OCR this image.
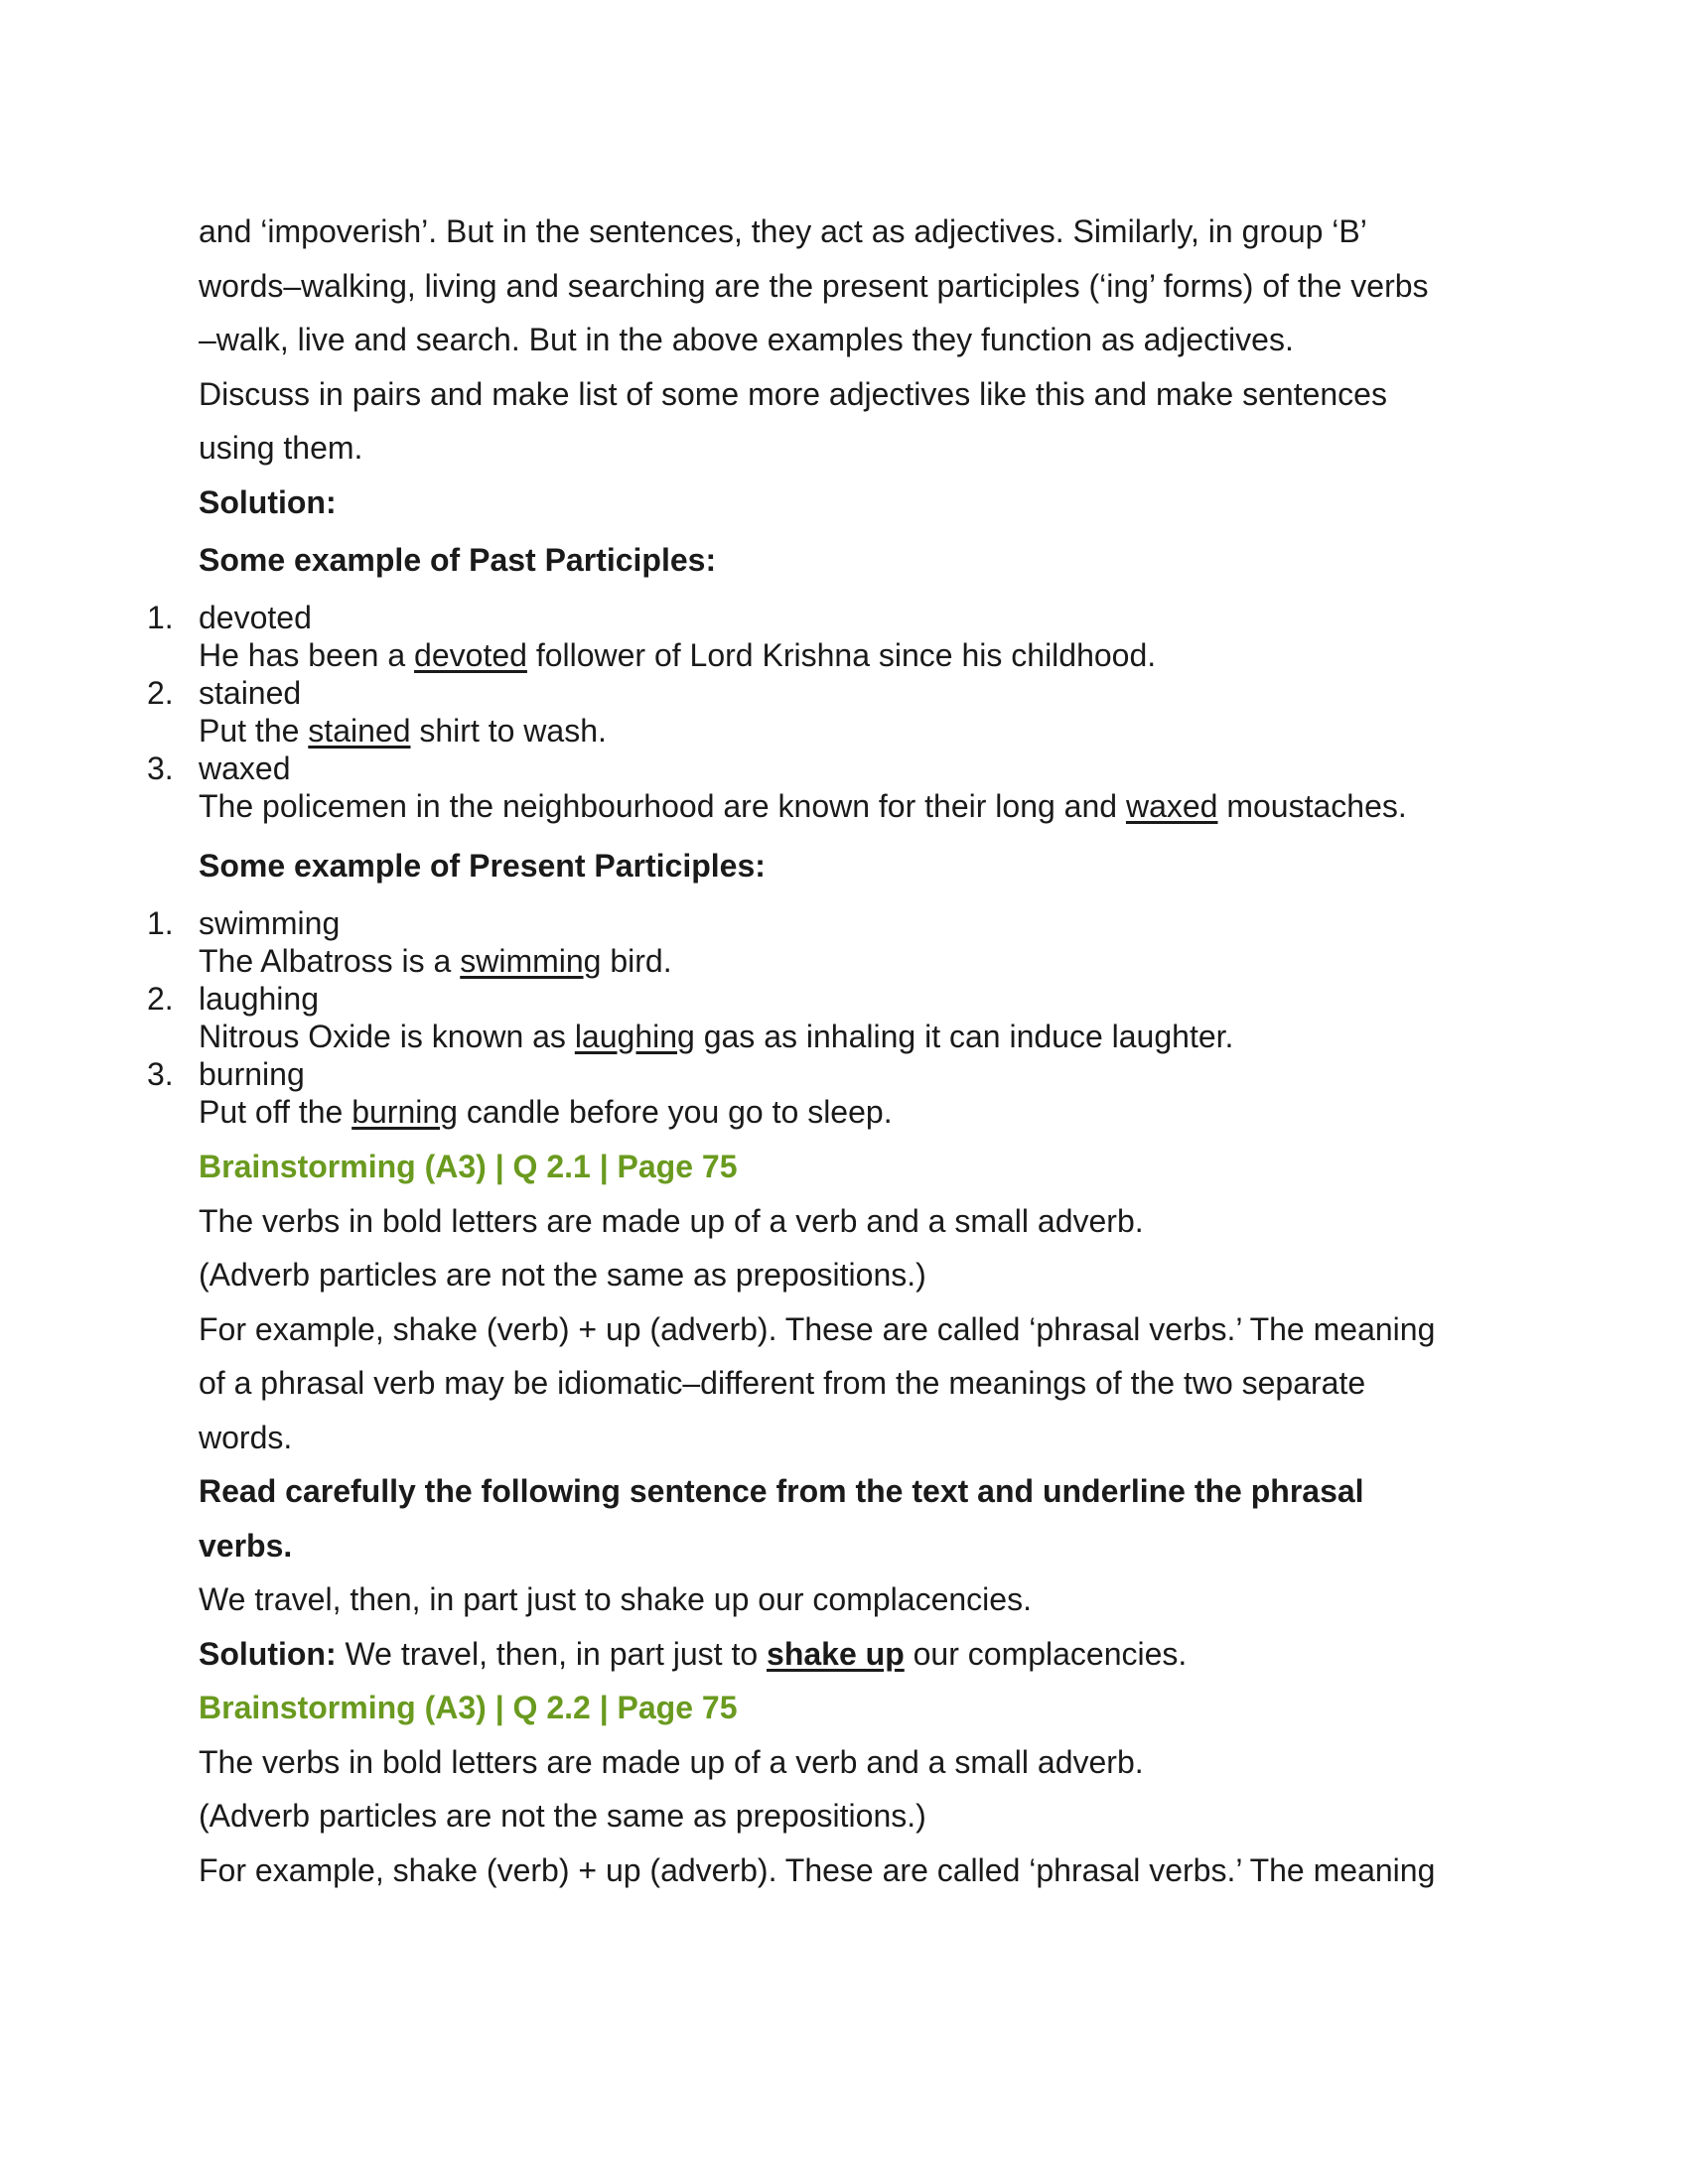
and ‘impoverish’. But in the sentences, they act as adjectives. Similarly, in group ‘B’
words–walking, living and searching are the present participles (‘ing’ forms) of the verbs
–walk, live and search. But in the above examples they function as adjectives.
Discuss in pairs and make list of some more adjectives like this and make sentences
using them.
Solution:
Some example of Past Participles:
1. devoted
He has been a devoted follower of Lord Krishna since his childhood.
2. stained
Put the stained shirt to wash.
3. waxed
The policemen in the neighbourhood are known for their long and waxed moustaches.
Some example of Present Participles:
1. swimming
The Albatross is a swimming bird.
2. laughing
Nitrous Oxide is known as laughing gas as inhaling it can induce laughter.
3. burning
Put off the burning candle before you go to sleep.
Brainstorming (A3) | Q 2.1 | Page 75
The verbs in bold letters are made up of a verb and a small adverb.
(Adverb particles are not the same as prepositions.)
For example, shake (verb) + up (adverb). These are called ‘phrasal verbs.’ The meaning
of a phrasal verb may be idiomatic–different from the meanings of the two separate
words.
Read carefully the following sentence from the text and underline the phrasal
verbs.
We travel, then, in part just to shake up our complacencies.
Solution: We travel, then, in part just to shake up our complacencies.
Brainstorming (A3) | Q 2.2 | Page 75
The verbs in bold letters are made up of a verb and a small adverb.
(Adverb particles are not the same as prepositions.)
For example, shake (verb) + up (adverb). These are called ‘phrasal verbs.’ The meaning
